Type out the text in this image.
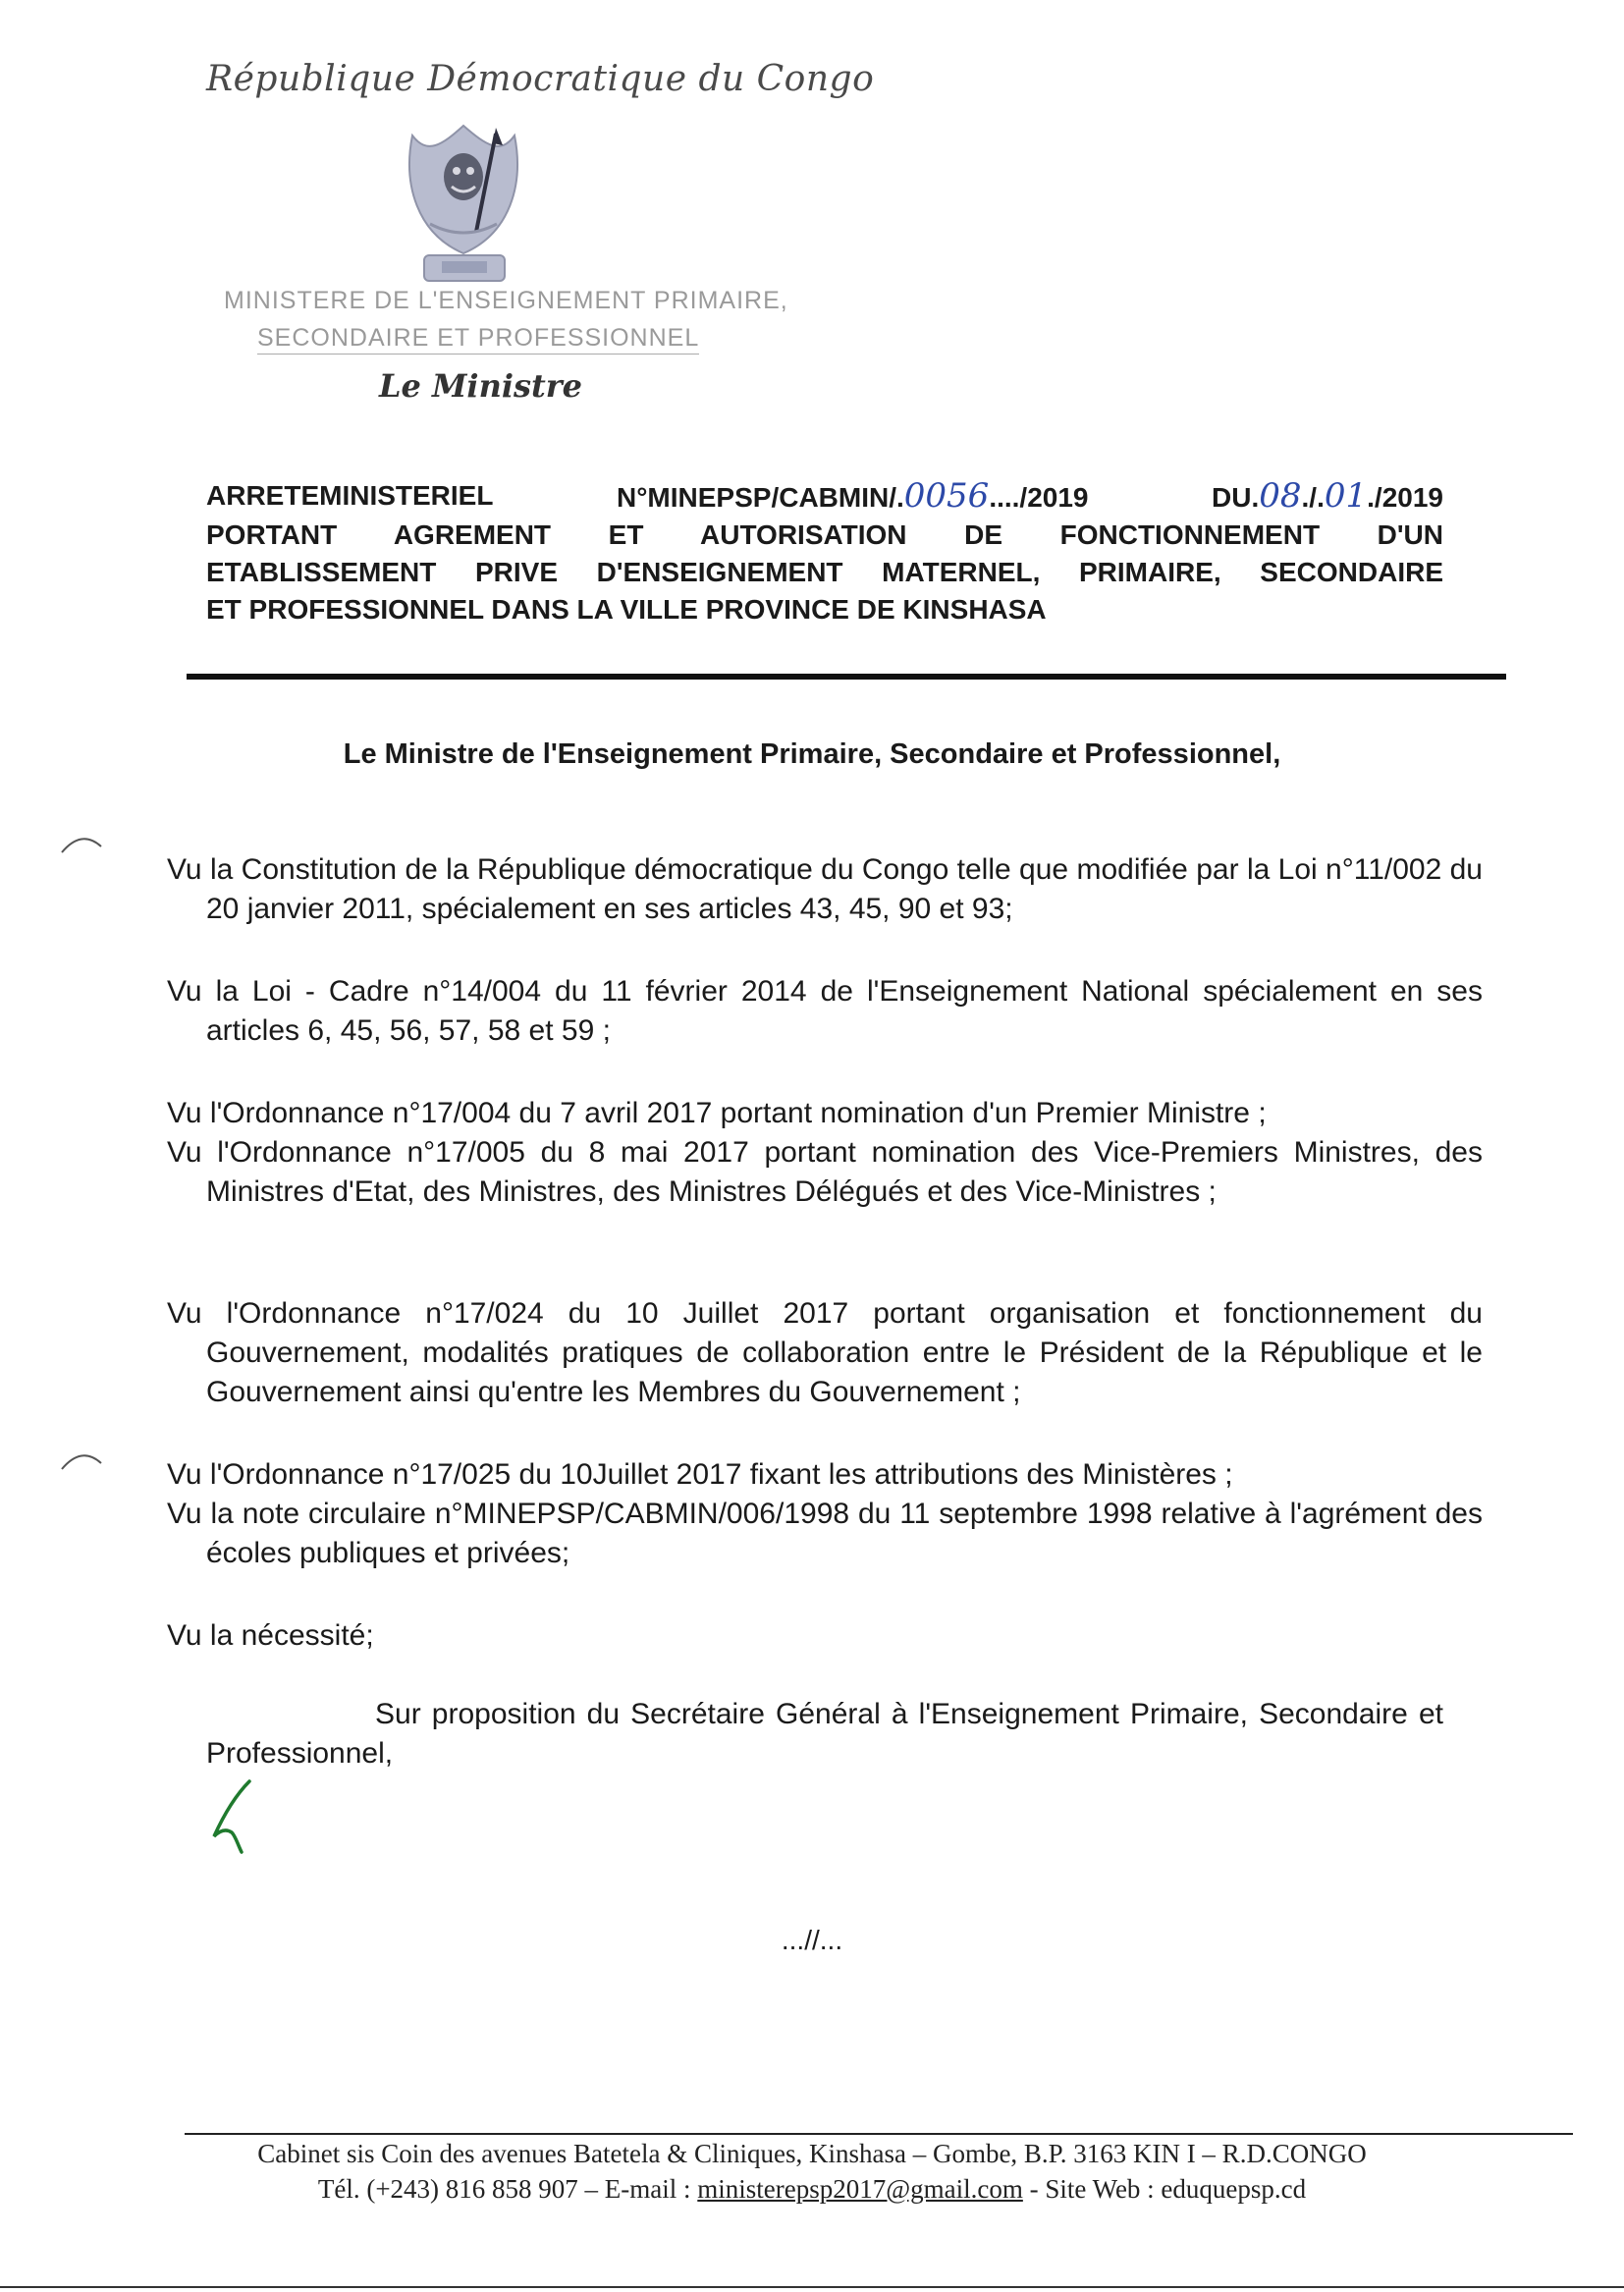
République Démocratique du Congo
MINISTERE DE L'ENSEIGNEMENT PRIMAIRE,
SECONDAIRE ET PROFESSIONNEL
Le Ministre
ARRETEMINISTERIEL	N°MINEPSP/CABMIN/.0056..../2019	DU.08./.01./2019
PORTANT AGREMENT ET AUTORISATION DE FONCTIONNEMENT D'UN
ETABLISSEMENT PRIVE D'ENSEIGNEMENT MATERNEL, PRIMAIRE, SECONDAIRE
ET PROFESSIONNEL DANS LA VILLE PROVINCE DE KINSHASA
Le Ministre de l'Enseignement Primaire, Secondaire et Professionnel,
Vu la Constitution de la République démocratique du Congo telle que modifiée par la Loi n°11/002 du 20 janvier 2011, spécialement en ses articles 43, 45, 90 et 93;
Vu la Loi - Cadre n°14/004 du 11 février 2014 de l'Enseignement National spécialement en ses articles 6, 45, 56, 57, 58 et 59 ;
Vu l'Ordonnance n°17/004 du 7 avril 2017 portant nomination d'un Premier Ministre ;
Vu l'Ordonnance n°17/005 du 8 mai 2017 portant nomination des Vice-Premiers Ministres, des Ministres d'Etat, des Ministres, des Ministres Délégués et des Vice-Ministres ;
Vu l'Ordonnance n°17/024 du 10 Juillet 2017 portant organisation et fonctionnement du Gouvernement, modalités pratiques de collaboration entre le Président de la République et le Gouvernement ainsi qu'entre les Membres du Gouvernement ;
Vu l'Ordonnance n°17/025 du 10Juillet 2017 fixant les attributions des Ministères ;
Vu la note circulaire n°MINEPSP/CABMIN/006/1998 du 11 septembre 1998 relative à l'agrément des écoles publiques et privées;
Vu la nécessité;
Sur proposition du Secrétaire Général à l'Enseignement Primaire, Secondaire et Professionnel,
...//...
Cabinet sis Coin des avenues Batetela & Cliniques, Kinshasa – Gombe, B.P. 3163 KIN I – R.D.CONGO
Tél. (+243) 816 858 907 – E-mail : ministerepsp2017@gmail.com - Site Web : eduquepsp.cd
